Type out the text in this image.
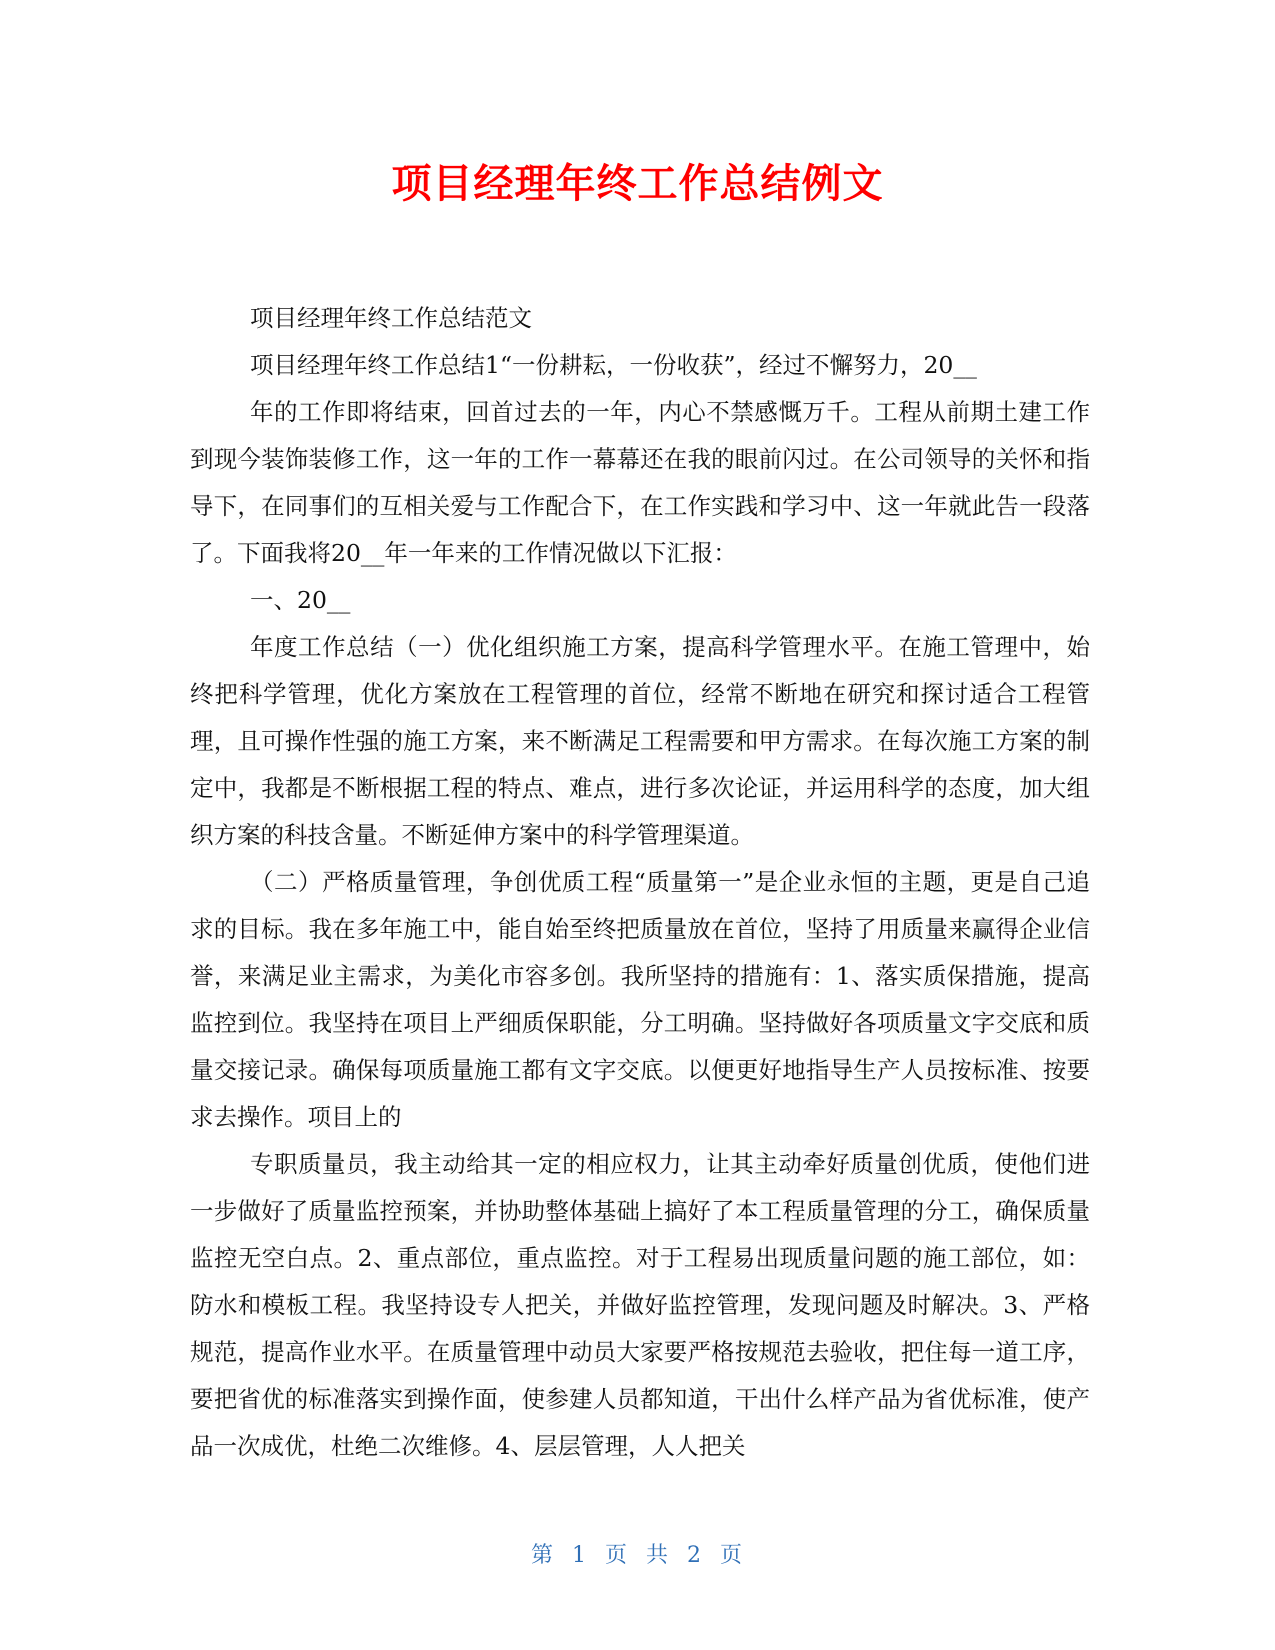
项目经理年终工作总结例文

项目经理年终工作总结范文

项目经理年终工作总结1“一份耕耘，一份收获”，经过不懈努力，20__

年的工作即将结束，回首过去的一年，内心不禁感慨万千。工程从前期土建工作到现今装饰装修工作，这一年的工作一幕幕还在我的眼前闪过。在公司领导的关怀和指导下，在同事们的互相关爱与工作配合下，在工作实践和学习中、这一年就此告一段落了。下面我将20__年一年来的工作情况做以下汇报：

一、20__

年度工作总结（一）优化组织施工方案，提高科学管理水平。在施工管理中，始终把科学管理，优化方案放在工程管理的首位，经常不断地在研究和探讨适合工程管理，且可操作性强的施工方案，来不断满足工程需要和甲方需求。在每次施工方案的制定中，我都是不断根据工程的特点、难点，进行多次论证，并运用科学的态度，加大组织方案的科技含量。不断延伸方案中的科学管理渠道。

（二）严格质量管理，争创优质工程“质量第一”是企业永恒的主题，更是自己追求的目标。我在多年施工中，能自始至终把质量放在首位，坚持了用质量来赢得企业信誉，来满足业主需求，为美化市容多创。我所坚持的措施有：1、落实质保措施，提高监控到位。我坚持在项目上严细质保职能，分工明确。坚持做好各项质量文字交底和质量交接记录。确保每项质量施工都有文字交底。以便更好地指导生产人员按标准、按要求去操作。项目上的

专职质量员，我主动给其一定的相应权力，让其主动牵好质量创优质，使他们进一步做好了质量监控预案，并协助整体基础上搞好了本工程质量管理的分工，确保质量监控无空白点。2、重点部位，重点监控。对于工程易出现质量问题的施工部位，如：防水和模板工程。我坚持设专人把关，并做好监控管理，发现问题及时解决。3、严格规范，提高作业水平。在质量管理中动员大家要严格按规范去验收，把住每一道工序，要把省优的标准落实到操作面，使参建人员都知道，干出什么样产品为省优标准，使产品一次成优，杜绝二次维修。4、层层管理，人人把关

第 1 页 共 2 页
